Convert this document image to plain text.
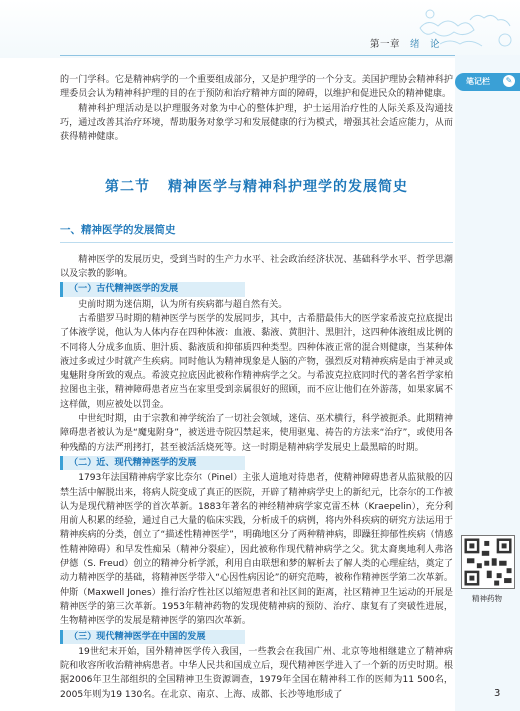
第一章 绪　论
笔记栏	✎

的一门学科。它是精神病学的一个重要组成部分，又是护理学的一个分支。美国护理协会精神科护理委员会认为精神科护理的目的在于预防和治疗精神方面的障碍，以维护和促进民众的精神健康。

精神科护理活动是以护理服务对象为中心的整体护理，护士运用治疗性的人际关系及沟通技巧，通过改善其治疗环境，帮助服务对象学习和发展健康的行为模式，增强其社会适应能力，从而获得精神健康。

第二节 精神医学与精神科护理学的发展简史
一、精神医学的发展简史

精神医学的发展历史，受到当时的生产力水平、社会政治经济状况、基础科学水平、哲学思潮以及宗教的影响。

（一）古代精神医学的发展

史前时期为迷信期，认为所有疾病都与超自然有关。

古希腊罗马时期的精神医学与医学的发展同步，其中，古希腊最伟大的医学家希波克拉底提出了体液学说，他认为人体内存在四种体液：血液、黏液、黄胆汁、黑胆汁，这四种体液组成比例的不同将人分成多血质、胆汁质、黏液质和抑郁质四种类型。四种体液正常的混合则健康，当某种体液过多或过少时就产生疾病。同时他认为精神现象是人脑的产物，强烈反对精神疾病是由于神灵或鬼魅附身所致的观点。希波克拉底因此被称作精神病学之父。与希波克拉底同时代的著名哲学家柏拉图也主张，精神障碍患者应当在家里受到亲属很好的照顾，而不应让他们在外游荡，如果家属不这样做，则应被处以罚金。

中世纪时期，由于宗教和神学统治了一切社会领域，迷信、巫术横行，科学被扼杀。此期精神障碍患者被认为是“魔鬼附身”，被送进寺院囚禁起来，使用驱鬼、祷告的方法来“治疗”，或使用各种残酷的方法严刑拷打，甚至被活活烧死等。这一时期是精神病学发展史上最黑暗的时期。

（二）近、现代精神医学的发展

1793年法国精神病学家比奈尔（Pinel）主张人道地对待患者，使精神障碍患者从监狱般的囚禁生活中解脱出来，将病人院变成了真正的医院，开辟了精神病学史上的新纪元，比奈尔的工作被认为是现代精神医学的首次革新。1883年著名的神经精神病学家克雷丕林（Kraepelin），充分利用前人积累的经验，通过自己大量的临床实践，分析成千的病例，将内外科疾病的研究方法运用于精神疾病的分类，创立了“描述性精神医学”，明确地区分了两种精神病，即躁狂抑郁性疾病（情感性精神障碍）和早发性痴呆（精神分裂症），因此被称作现代精神病学之父。犹太裔奥地利人弗洛伊德（S. Freud）创立的精神分析学派，利用自由联想和梦的解析去了解人类的心理症结，奠定了动力精神医学的基础，将精神医学带入“心因性病因论”的研究范畴，被称作精神医学第二次革新。仲斯（Maxwell Jones）推行治疗性社区以缩短患者和社区间的距离，社区精神卫生运动的开展是精神医学的第三次革新。1953年精神药物的发现使精神病的预防、治疗、康复有了突破性进展，生物精神医学的发展是精神医学的第四次革新。

（三）现代精神医学在中国的发展

19世纪末开始，国外精神医学传入我国，一些教会在我国广州、北京等地相继建立了精神病院和收容所收治精神病患者。中华人民共和国成立后，现代精神医学进入了一个新的历史时期。根据2006年卫生部组织的全国精神卫生资源调查，1979年全国在精神科工作的医师为11 500名，2005年则为19 130名。在北京、南京、上海、成都、长沙等地形成了

精神药物
3
